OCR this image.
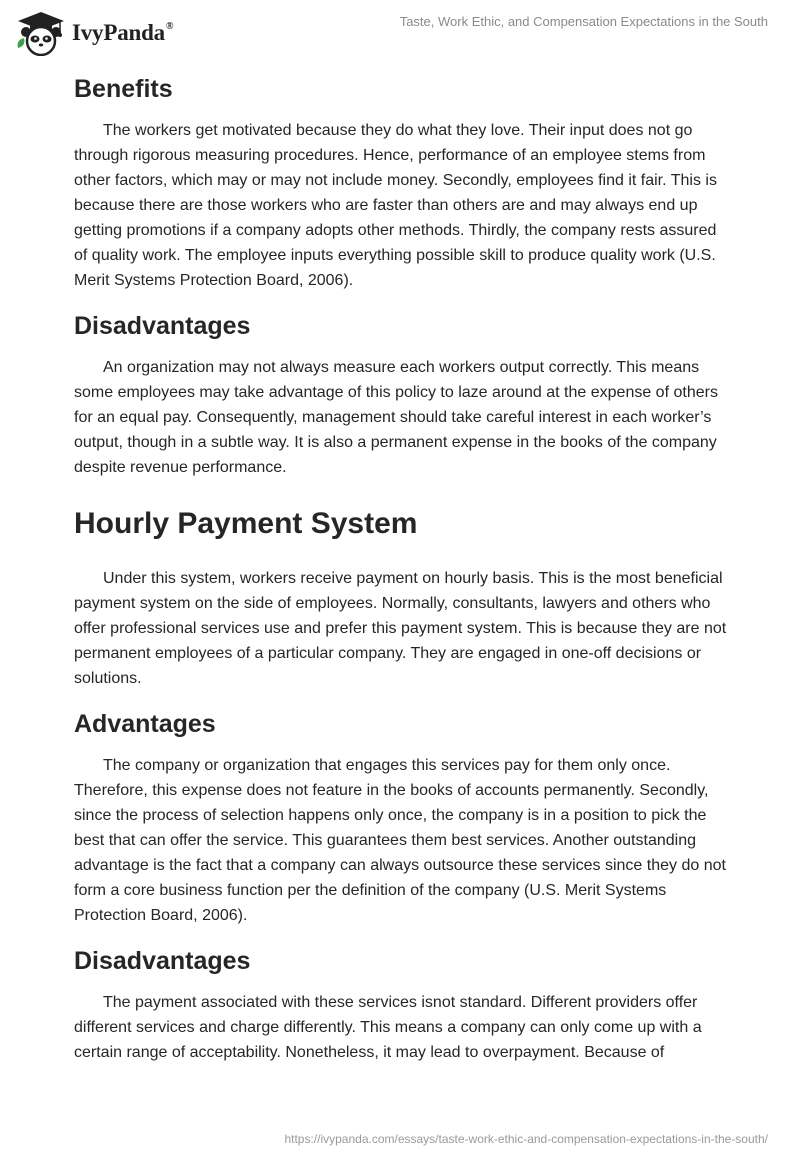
IvyPanda®	Taste, Work Ethic, and Compensation Expectations in the South
Benefits

The workers get motivated because they do what they love. Their input does not go through rigorous measuring procedures. Hence, performance of an employee stems from other factors, which may or may not include money. Secondly, employees find it fair. This is because there are those workers who are faster than others are and may always end up getting promotions if a company adopts other methods. Thirdly, the company rests assured of quality work. The employee inputs everything possible skill to produce quality work (U.S. Merit Systems Protection Board, 2006).

Disadvantages

An organization may not always measure each workers output correctly. This means some employees may take advantage of this policy to laze around at the expense of others for an equal pay. Consequently, management should take careful interest in each worker’s output, though in a subtle way. It is also a permanent expense in the books of the company despite revenue performance.

Hourly Payment System

Under this system, workers receive payment on hourly basis. This is the most beneficial payment system on the side of employees. Normally, consultants, lawyers and others who offer professional services use and prefer this payment system. This is because they are not permanent employees of a particular company. They are engaged in one-off decisions or solutions.

Advantages

The company or organization that engages this services pay for them only once. Therefore, this expense does not feature in the books of accounts permanently. Secondly, since the process of selection happens only once, the company is in a position to pick the best that can offer the service. This guarantees them best services. Another outstanding advantage is the fact that a company can always outsource these services since they do not form a core business function per the definition of the company (U.S. Merit Systems Protection Board, 2006).

Disadvantages

The payment associated with these services isnot standard. Different providers offer different services and charge differently. This means a company can only come up with a certain range of acceptability. Nonetheless, it may lead to overpayment. Because of

https://ivypanda.com/essays/taste-work-ethic-and-compensation-expectations-in-the-south/
